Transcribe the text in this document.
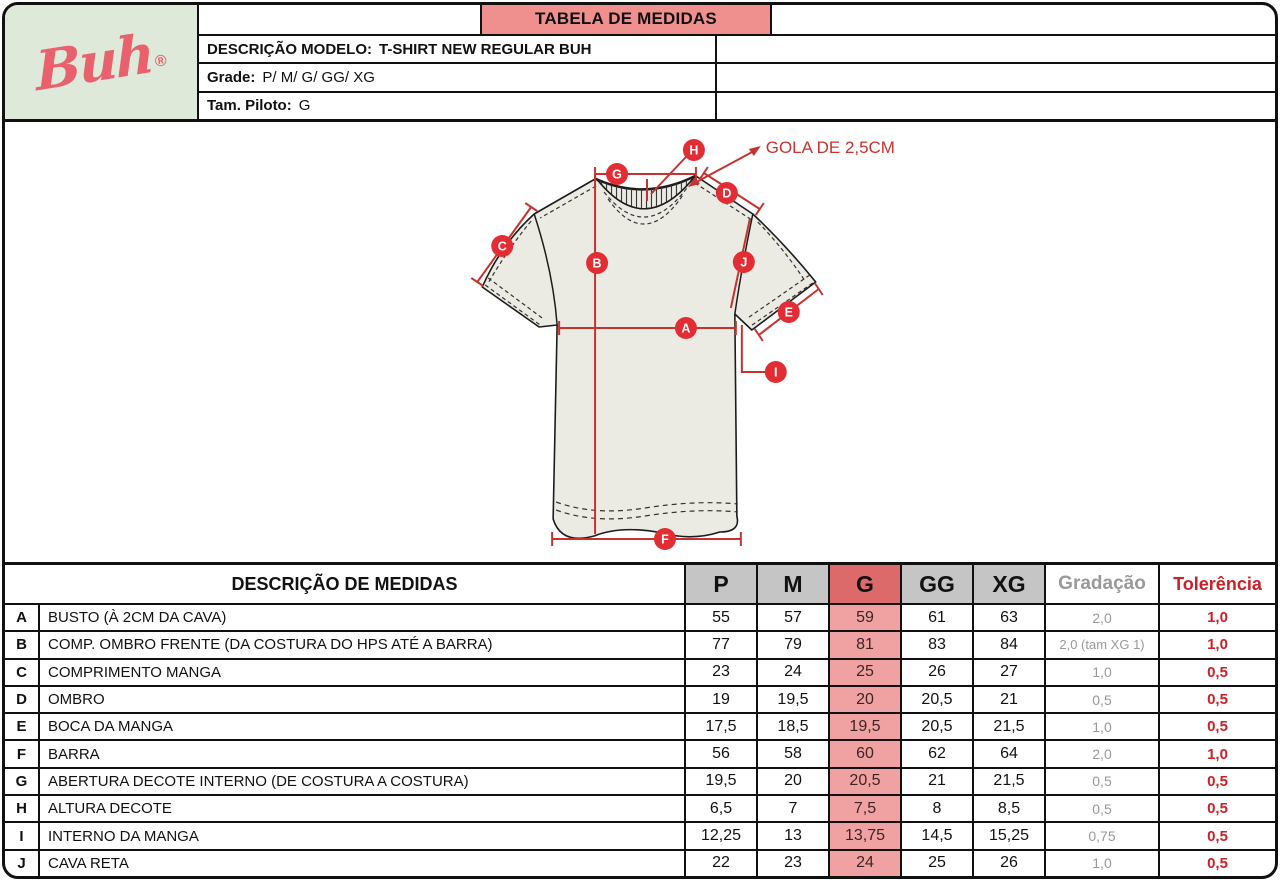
Buh ®
TABELA DE MEDIDAS
DESCRIÇÃO MODELO: T-SHIRT NEW REGULAR BUH
Grade: P/ M/ G/ GG/ XG
Tam. Piloto: G
GOLA DE 2,5CM
A
B
C
D
E
F
G
H
I
J
DESCRIÇÃO DE MEDIDAS	P	M	G	GG	XG	Gradação	Tolerência
A	BUSTO (À 2CM DA CAVA)	55	57	59	61	63	2,0	1,0
B	COMP. OMBRO FRENTE (DA COSTURA DO HPS ATÉ A BARRA)	77	79	81	83	84	2,0 (tam XG 1)	1,0
C	COMPRIMENTO MANGA	23	24	25	26	27	1,0	0,5
D	OMBRO	19	19,5	20	20,5	21	0,5	0,5
E	BOCA DA MANGA	17,5	18,5	19,5	20,5	21,5	1,0	0,5
F	BARRA	56	58	60	62	64	2,0	1,0
G	ABERTURA DECOTE INTERNO (DE COSTURA A COSTURA)	19,5	20	20,5	21	21,5	0,5	0,5
H	ALTURA DECOTE	6,5	7	7,5	8	8,5	0,5	0,5
I	INTERNO DA MANGA	12,25	13	13,75	14,5	15,25	0,75	0,5
J	CAVA RETA	22	23	24	25	26	1,0	0,5
